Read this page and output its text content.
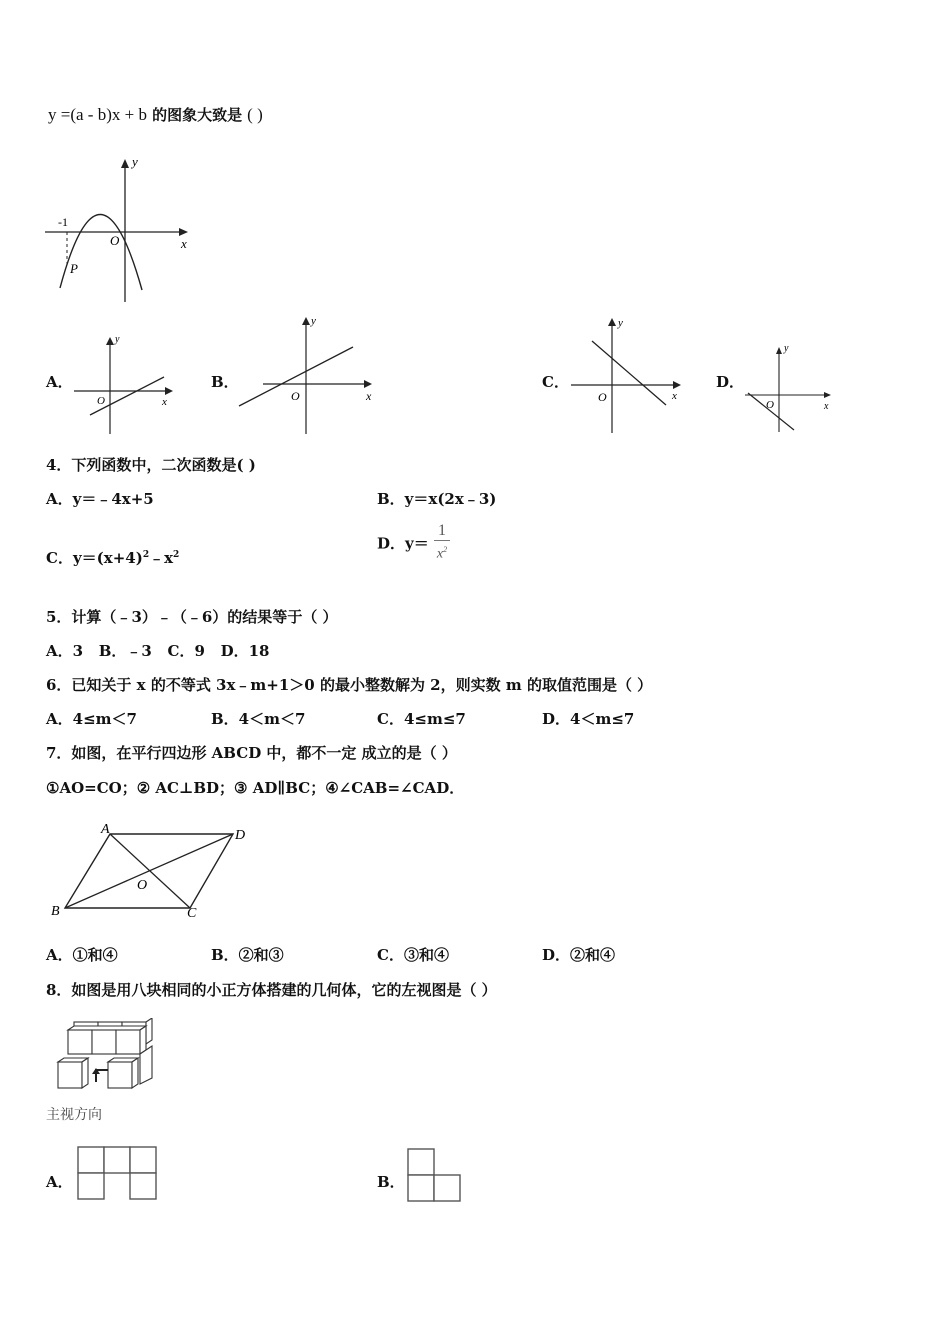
y =(a - b)x + b 的图象大致是 ( )
y
x
O
-1
P
A．
y
x
O
B．
y
x
O
C．
y
x
O
D．
y
x
O
4．下列函数中，二次函数是( )
A．y＝﹣4x+5	B．y＝x(2x﹣3)
C．$y=(x+4)^2﹣x^2$
D．$y= \frac{1}{x^2}$
5．计算（﹣3）﹣（﹣6）的结果等于（ ）
A．3   B．﹣3   C．9   D．18
6．已知关于 x 的不等式 3x﹣m+1＞0 的最小整数解为 2，则实数 m 的取值范围是（ ）
A．4≤m＜7	B．4＜m＜7	C．4≤m≤7	D．4＜m≤7
7．如图，在平行四边形 ABCD 中，都不一定 成立的是（ ）
①AO=CO；② AC⊥BD；③ AD∥BC；④∠CAB=∠CAD．
A	D
B	C
O
A．①和④	B．②和③	C．③和④	D．②和④
8．如图是用八块相同的小正方体搭建的几何体，它的左视图是（ ）
主视方向
A．	B．
